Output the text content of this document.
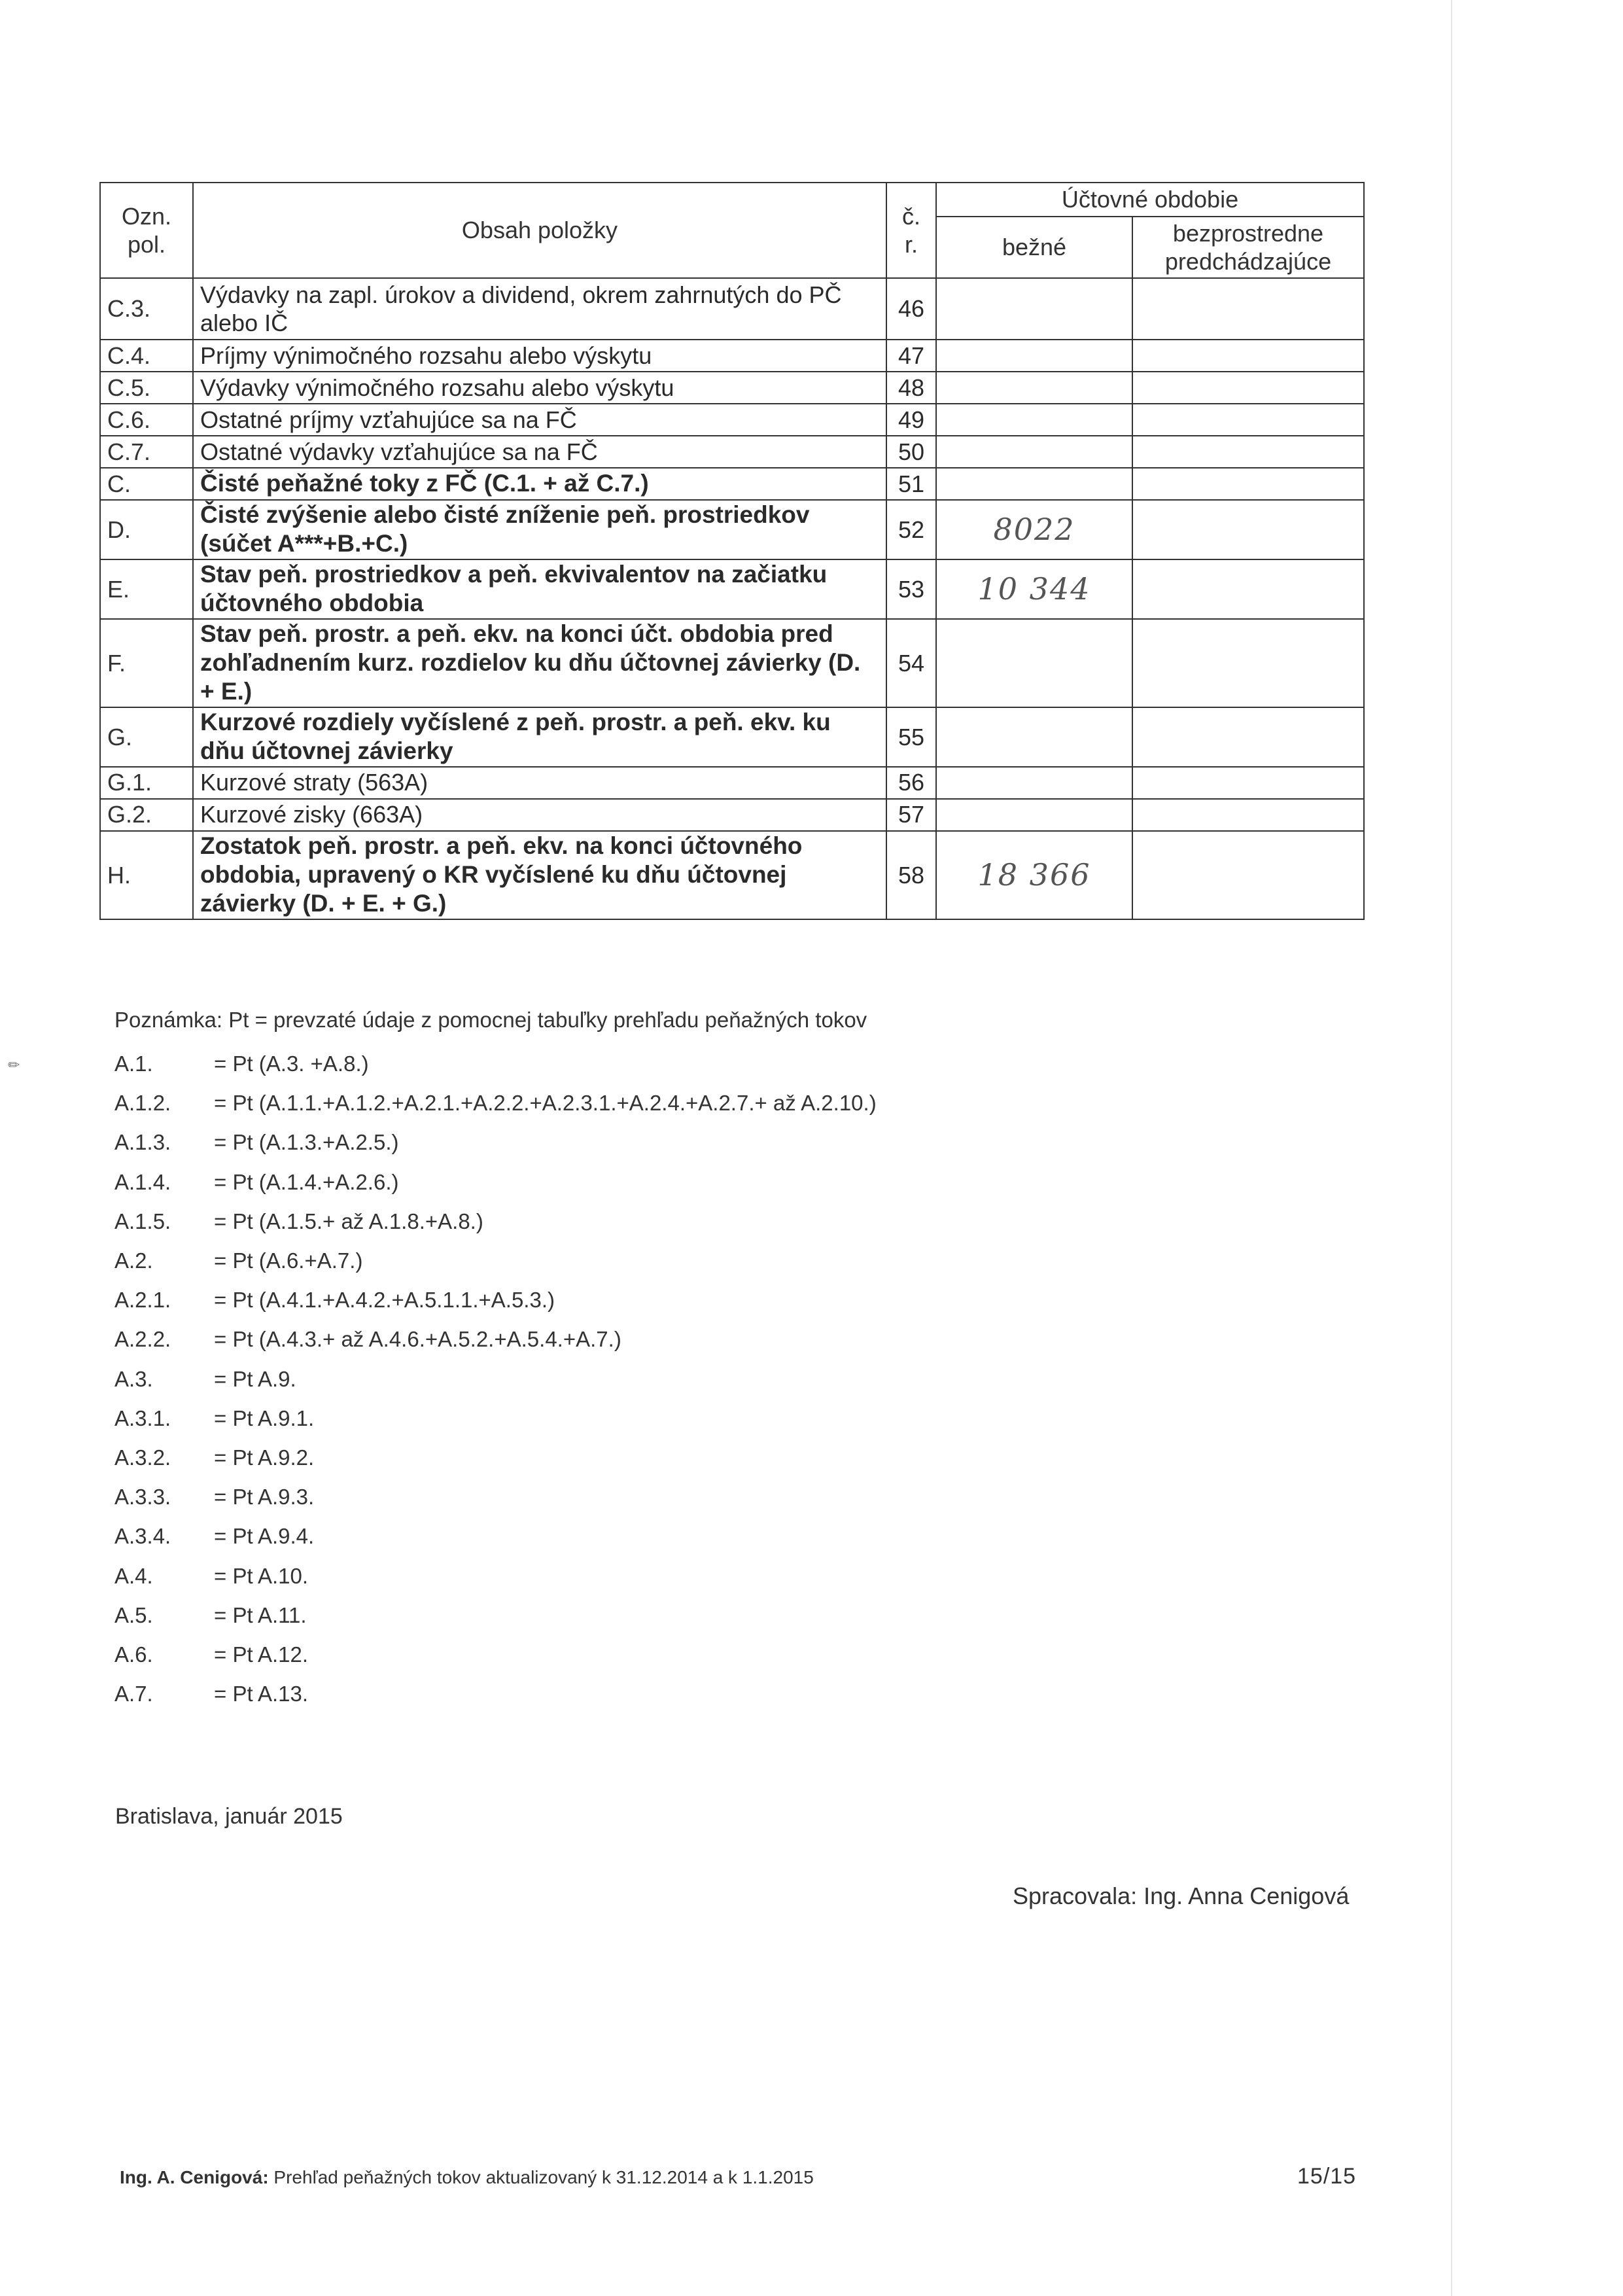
✏
Ozn. pol.	Obsah položky	č. r.	Účtovné obdobie	
			bežné	bezprostredne predchádzajúce
C.3.	Výdavky na zapl. úrokov a dividend, okrem zahrnutých do PČ alebo IČ	46		
C.4.	Príjmy výnimočného rozsahu alebo výskytu	47		
C.5.	Výdavky výnimočného rozsahu alebo výskytu	48		
C.6.	Ostatné príjmy vzťahujúce sa na FČ	49		
C.7.	Ostatné výdavky vzťahujúce sa na FČ	50		
C.	Čisté peňažné toky z FČ (C.1. + až C.7.)	51		
D.	Čisté zvýšenie alebo čisté zníženie peň. prostriedkov (súčet A***+B.+C.)	52	8022	
E.	Stav peň. prostriedkov a peň. ekvivalentov na začiatku účtovného obdobia	53	10 344	
F.	Stav peň. prostr. a peň. ekv. na konci účt. obdobia pred zohľadnením kurz. rozdielov ku dňu účtovnej závierky (D. + E.)	54		
G.	Kurzové rozdiely vyčíslené z peň. prostr. a peň. ekv. ku dňu účtovnej závierky	55		
G.1.	Kurzové straty (563A)	56		
G.2.	Kurzové zisky (663A)	57		
H.	Zostatok peň. prostr. a peň. ekv. na konci účtovného obdobia, upravený o KR vyčíslené ku dňu účtovnej závierky (D. + E. + G.)	58	18 366	
Poznámka: Pt = prevzaté údaje z pomocnej tabuľky prehľadu peňažných tokov
A.1.	= Pt (A.3. +A.8.)
A.1.2.	= Pt (A.1.1.+A.1.2.+A.2.1.+A.2.2.+A.2.3.1.+A.2.4.+A.2.7.+ až A.2.10.)
A.1.3.	= Pt (A.1.3.+A.2.5.)
A.1.4.	= Pt (A.1.4.+A.2.6.)
A.1.5.	= Pt (A.1.5.+ až A.1.8.+A.8.)
A.2.	= Pt (A.6.+A.7.)
A.2.1.	= Pt (A.4.1.+A.4.2.+A.5.1.1.+A.5.3.)
A.2.2.	= Pt (A.4.3.+ až A.4.6.+A.5.2.+A.5.4.+A.7.)
A.3.	= Pt A.9.
A.3.1.	= Pt A.9.1.
A.3.2.	= Pt A.9.2.
A.3.3.	= Pt A.9.3.
A.3.4.	= Pt A.9.4.
A.4.	= Pt A.10.
A.5.	= Pt A.11.
A.6.	= Pt A.12.
A.7.	= Pt A.13.
Bratislava, január 2015
Spracovala: Ing. Anna Cenigová
Ing. A. Cenigová: Prehľad peňažných tokov aktualizovaný k 31.12.2014 a k 1.1.2015	15/15
